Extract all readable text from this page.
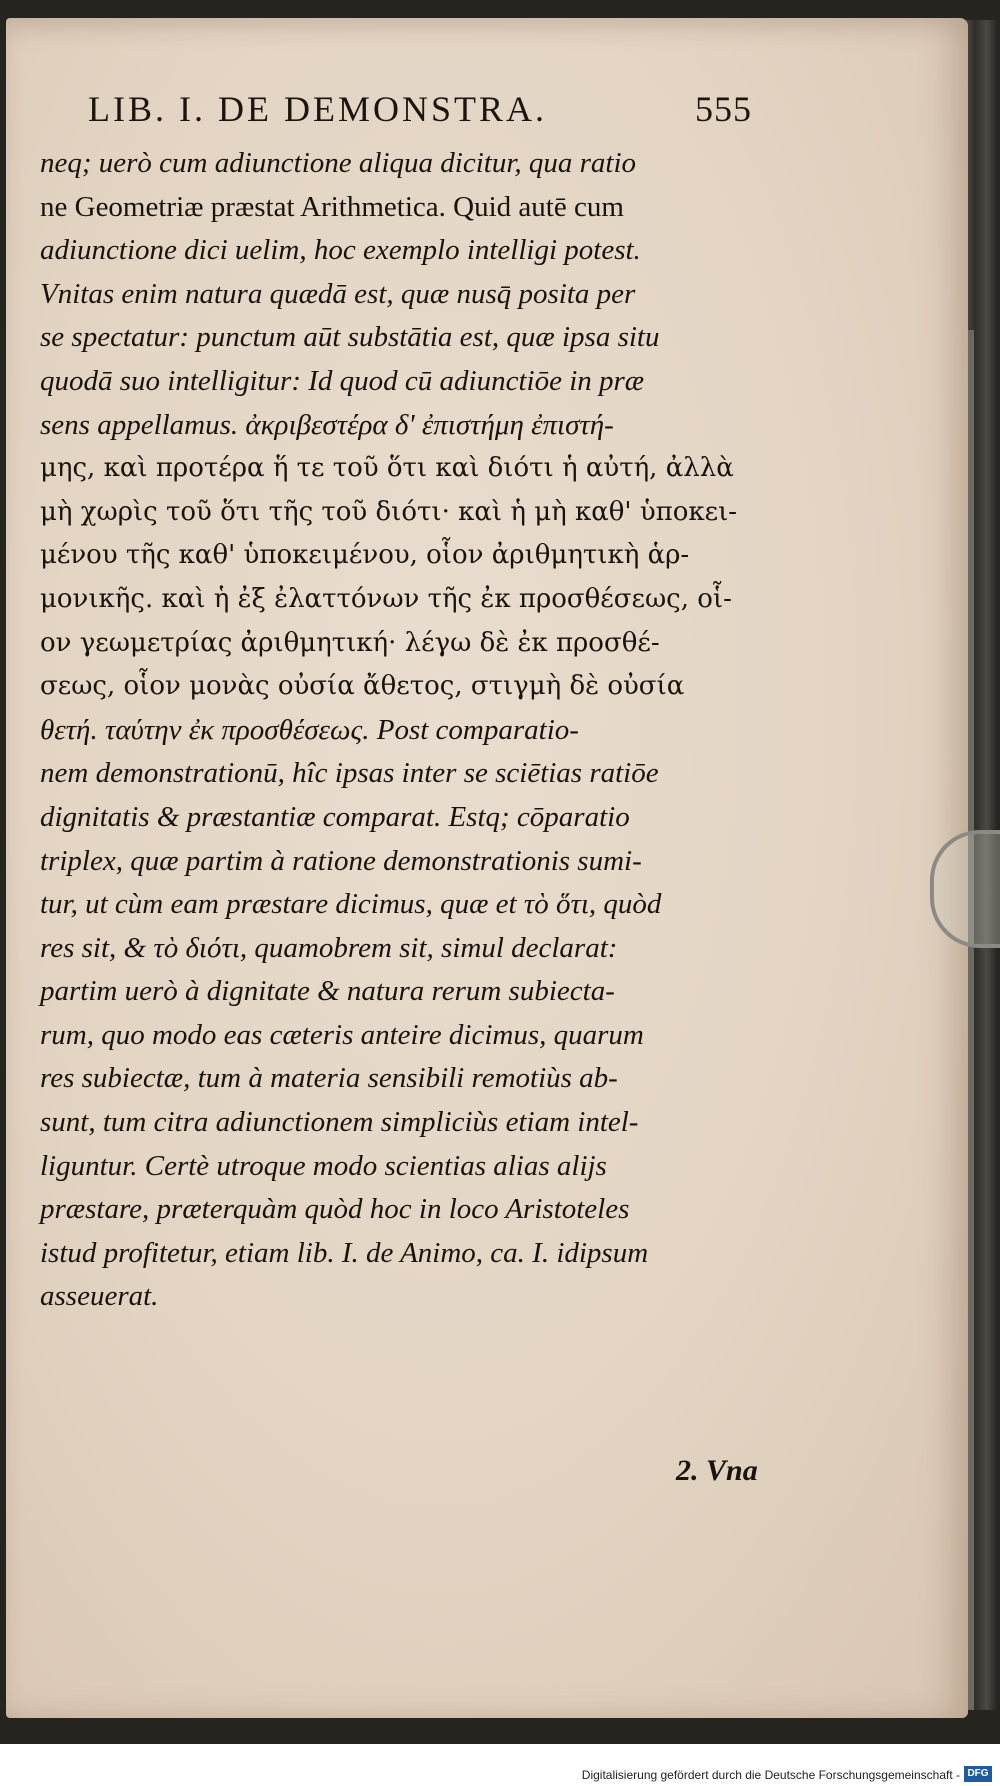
LIB. I. DE DEMONSTRA.	555
neq; uerò cum adiunctione aliqua dicitur, qua ratio
ne Geometriæ præstat Arithmetica. Quid autē cum
adiunctione dici uelim, hoc exemplo intelligi potest.
Vnitas enim natura quædā est, quæ nusq̄ posita per
se spectatur: punctum aūt substātia est, quæ ipsa situ
quodā suo intelligitur: Id quod cū adiunctiōe in præ
sens appellamus. ἀκριβεστέρα δ' ἐπιστήμη ἐπιστή-
μης, καὶ προτέρα ἥ τε τοῦ ὅτι καὶ διότι ἡ αὐτή, ἀλλὰ
μὴ χωρὶς τοῦ ὅτι τῆς τοῦ διότι· καὶ ἡ μὴ καθ' ὑποκει-
μένου τῆς καθ' ὑποκειμένου, οἷον ἀριθμητικὴ ἁρ-
μονικῆς. καὶ ἡ ἐξ ἐλαττόνων τῆς ἐκ προσθέσεως, οἷ-
ον γεωμετρίας ἀριθμητική· λέγω δὲ ἐκ προσθέ-
σεως, οἷον μονὰς οὐσία ἄθετος, στιγμὴ δὲ οὐσία
θετή. ταύτην ἐκ προσθέσεως. Post comparatio-
nem demonstrationū, hîc ipsas inter se sciētias ratiōe
dignitatis & præstantiæ comparat. Estq; cōparatio
triplex, quæ partim à ratione demonstrationis sumi-
tur, ut cùm eam præstare dicimus, quæ et τὸ ὅτι, quòd
res sit, & τὸ διότι, quamobrem sit, simul declarat:
partim uerò à dignitate & natura rerum subiecta-
rum, quo modo eas cæteris anteire dicimus, quarum
res subiectæ, tum à materia sensibili remotiùs ab-
sunt, tum citra adiunctionem simpliciùs etiam intel-
liguntur. Certè utroque modo scientias alias alijs
præstare, præterquàm quòd hoc in loco Aristoteles
istud profitetur, etiam lib. I. de Animo, ca. I. idipsum
asseuerat.
2. Vna
Digitalisierung gefördert durch die Deutsche Forschungsgemeinschaft - DFG
